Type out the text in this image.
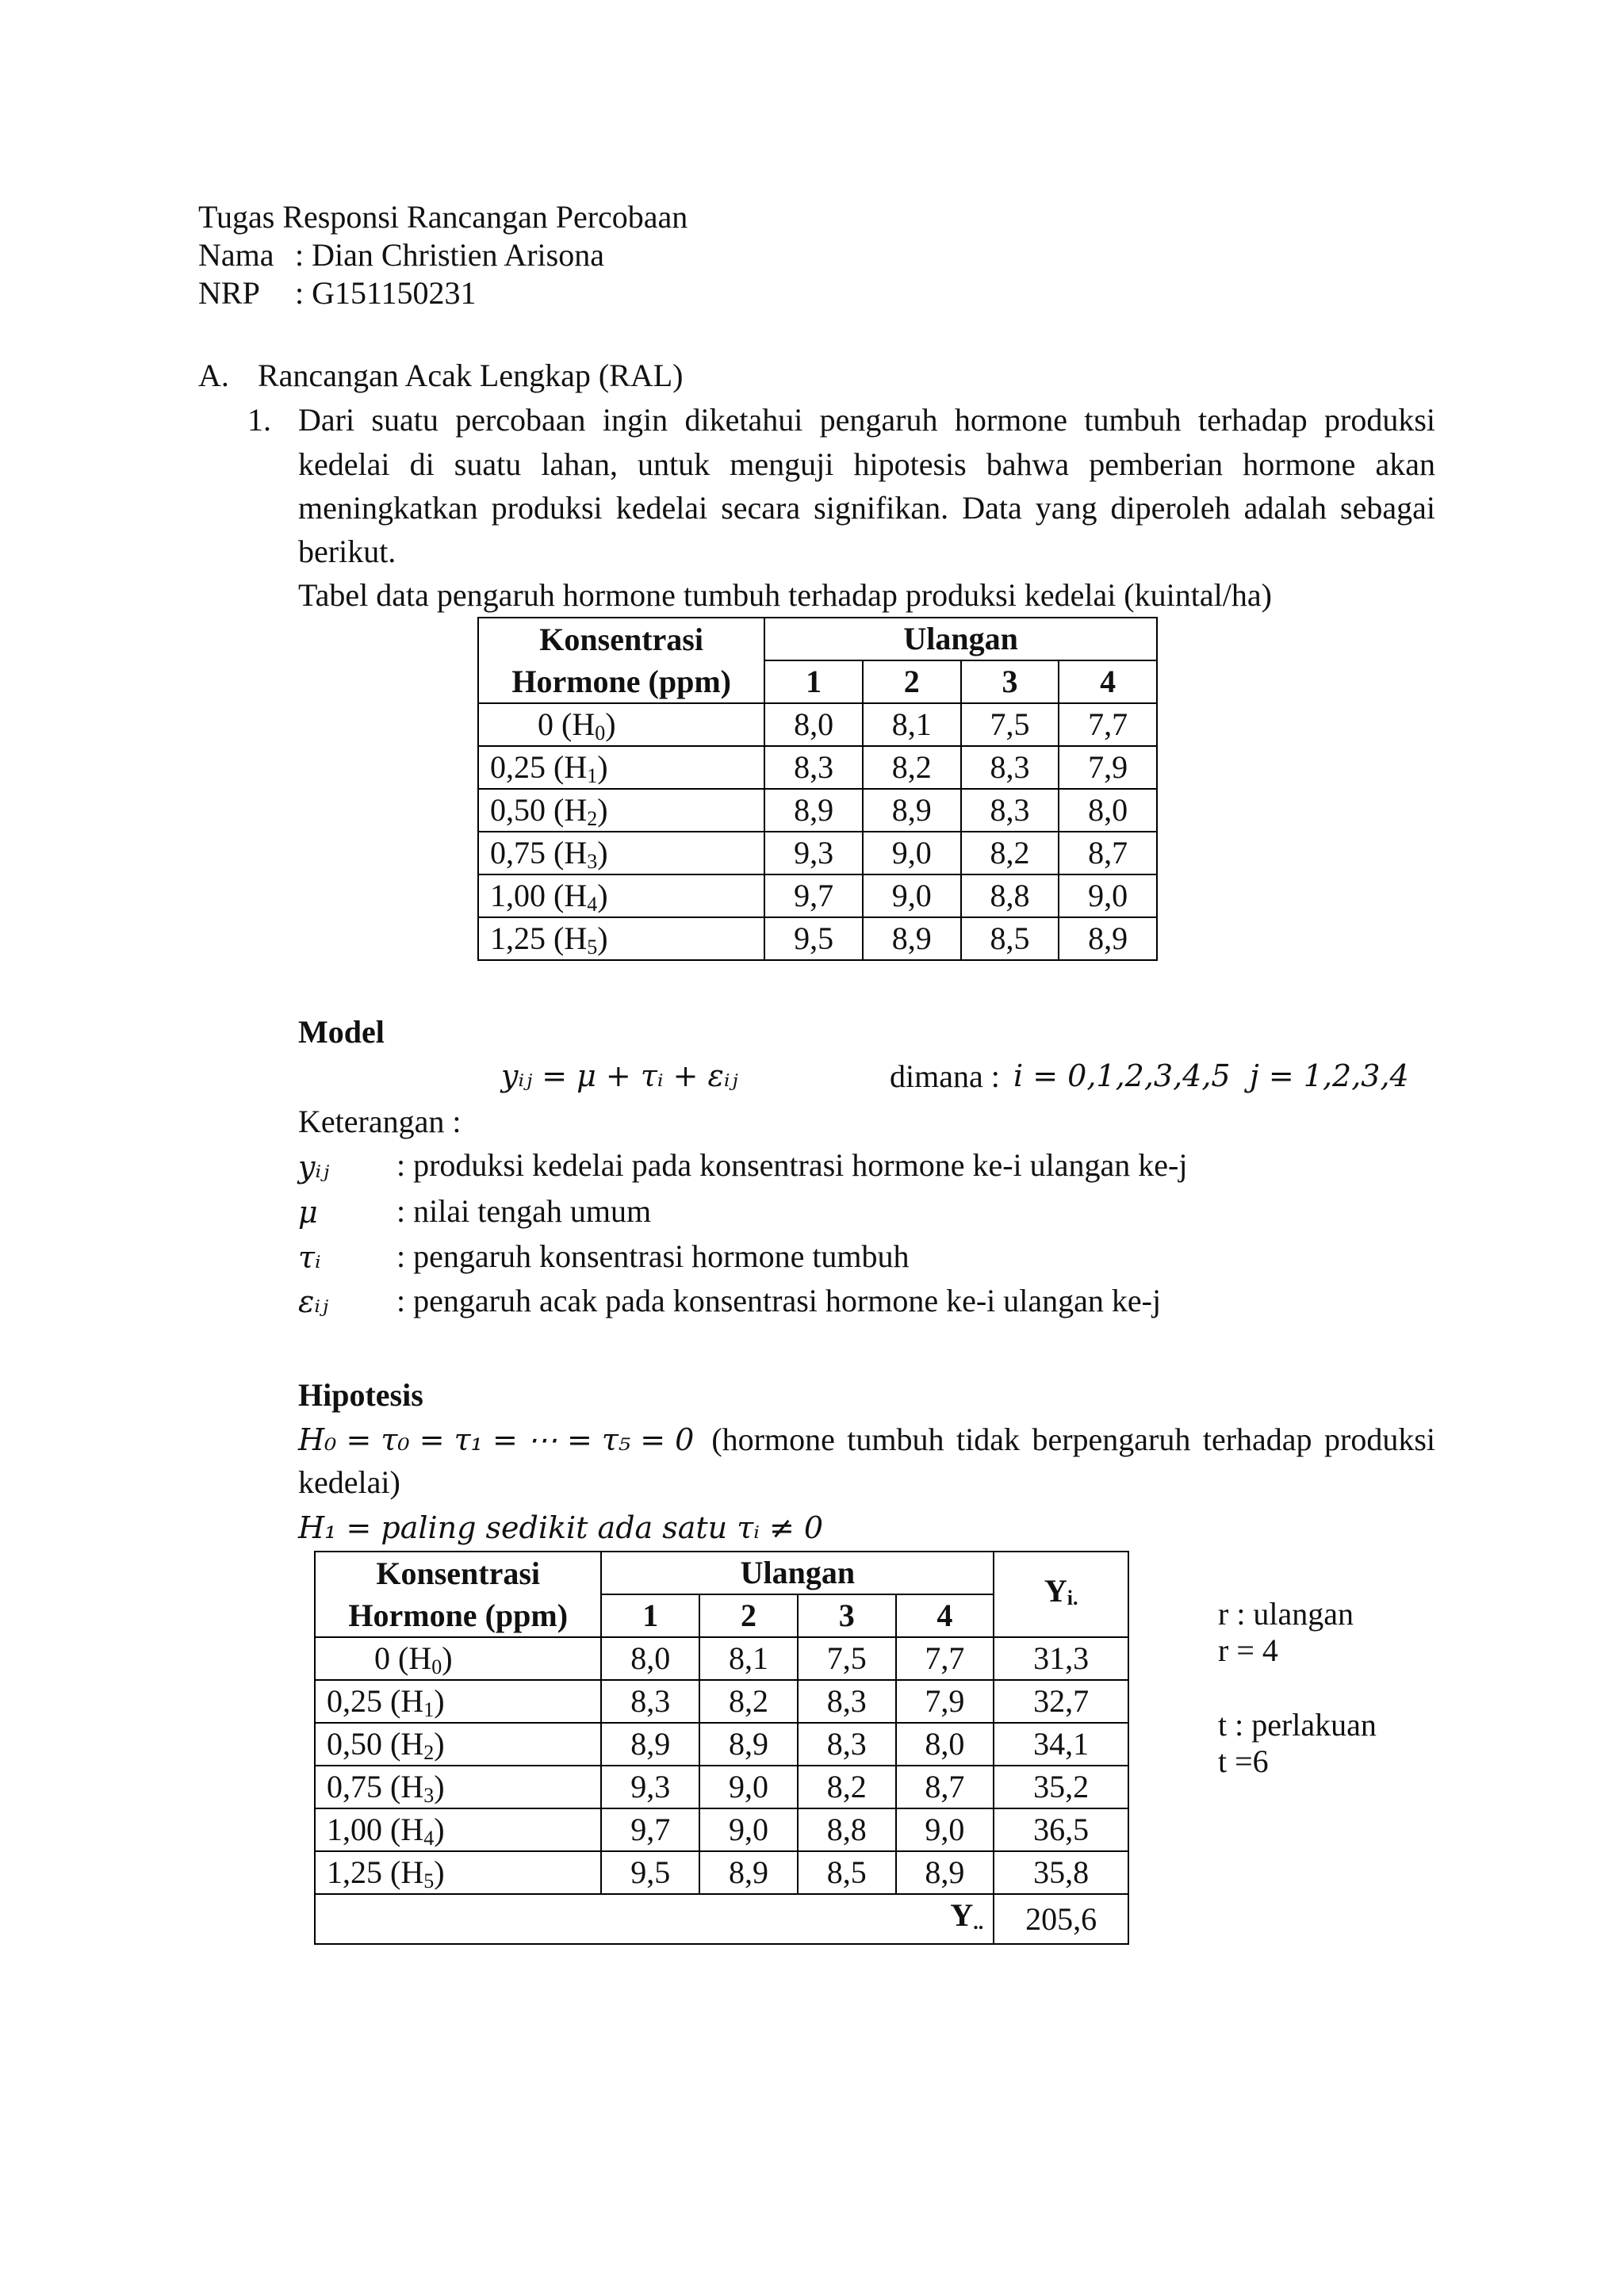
Tugas Responsi Rancangan Percobaan
Nama : Dian Christien Arisona
NRP : G151150231
A. Rancangan Acak Lengkap (RAL)
1. Dari suatu percobaan ingin diketahui pengaruh hormone tumbuh terhadap produksi
kedelai di suatu lahan, untuk menguji hipotesis bahwa pemberian hormone akan
meningkatkan produksi kedelai secara signifikan. Data yang diperoleh adalah sebagai
berikut.
Tabel data pengaruh hormone tumbuh terhadap produksi kedelai (kuintal/ha)
Konsentrasi	Ulangan			
Hormone (ppm)	1	2	3	4
0 $(H_0)$	8,0	8,1	7,5	7,7
0,25 $(H_1)$	8,3	8,2	8,3	7,9
0,50 $(H_2)$	8,9	8,9	8,3	8,0
0,75 $(H_3)$	9,3	9,0	8,2	8,7
1,00 $(H_4)$	9,7	9,0	8,8	9,0
1,25 $(H_5)$	9,5	8,9	8,5	8,9
Model
yᵢⱼ = μ + τᵢ + εᵢⱼ	dimana : i = 0,1,2,3,4,5 j = 1,2,3,4
Keterangan :
yᵢⱼ : produksi kedelai pada konsentrasi hormone ke-i ulangan ke-j
μ : nilai tengah umum
τᵢ : pengaruh konsentrasi hormone tumbuh
εᵢⱼ : pengaruh acak pada konsentrasi hormone ke-i ulangan ke-j
Hipotesis
H₀ = τ₀ = τ₁ = ⋯ = τ₅ = 0 (hormone tumbuh tidak berpengaruh terhadap produksi
kedelai)
H₁ = paling sedikit ada satu τᵢ ≠ 0
Konsentrasi	Ulangan				Yi.
Hormone (ppm)	1	2	3	4	
0 $(H_0)$	8,0	8,1	7,5	7,7	31,3
0,25 $(H_1)$	8,3	8,2	8,3	7,9	32,7
0,50 $(H_2)$	8,9	8,9	8,3	8,0	34,1
0,75 $(H_3)$	9,3	9,0	8,2	8,7	35,2
1,00 $(H_4)$	9,7	9,0	8,8	9,0	36,5
1,25 $(H_5)$	9,5	8,9	8,5	8,9	35,8
Y..					205,6
r : ulangan
r = 4
t : perlakuan
t =6
